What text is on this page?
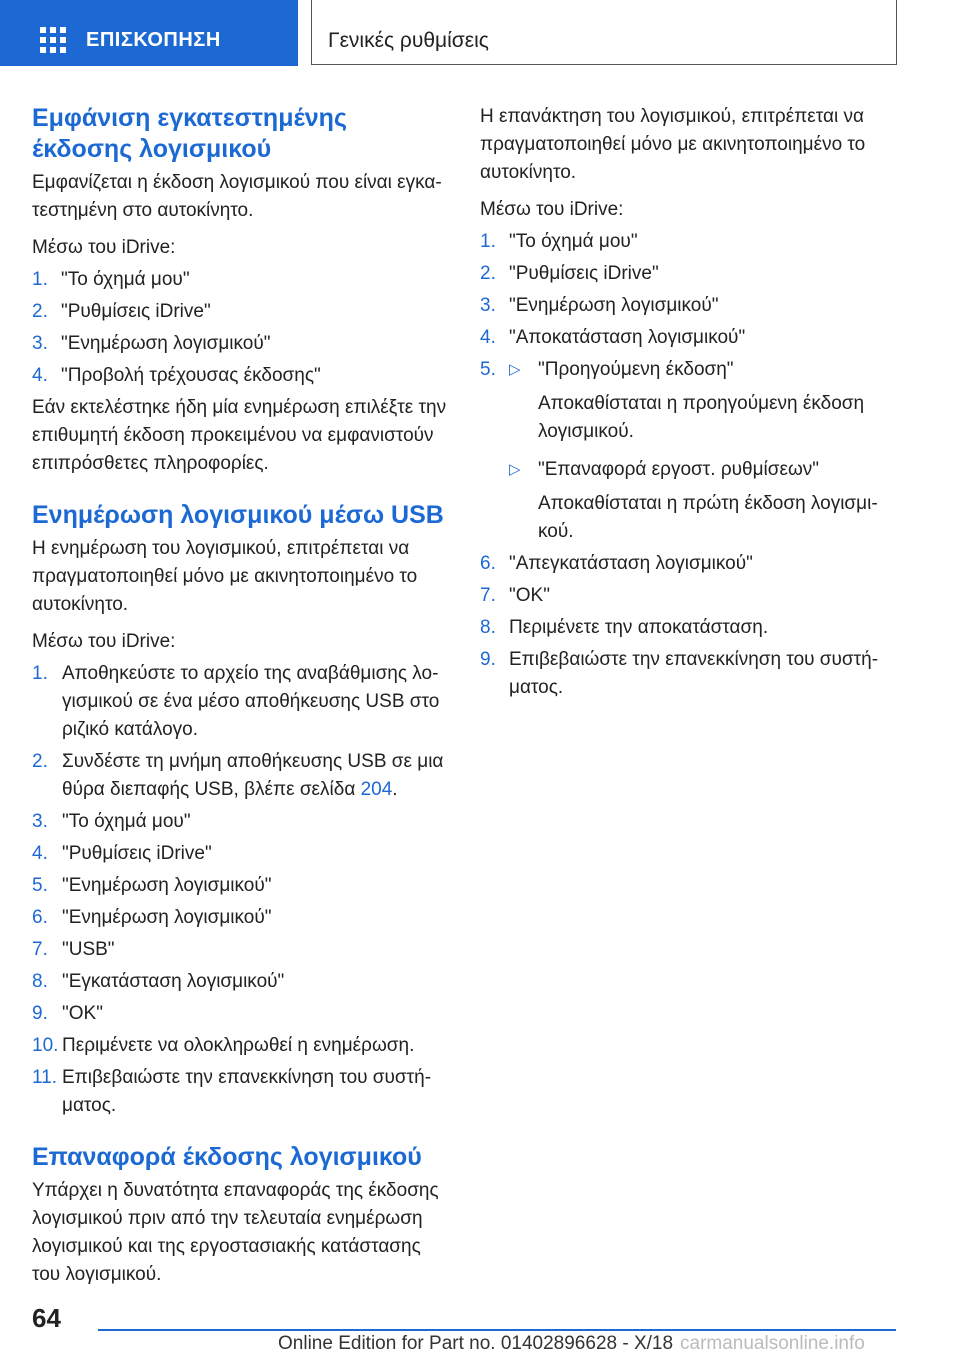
ΕΠΙΣΚΟΠΗΣΗ	Γενικές ρυθμίσεις
Εμφάνιση εγκατεστημένης έκδοσης λογισμικού

Εμφανίζεται η έκδοση λογισμικού που είναι εγκατεστημένη στο αυτοκίνητο.

Μέσω του iDrive:

1. "Το όχημά μου"
2. "Ρυθμίσεις iDrive"
3. "Ενημέρωση λογισμικού"
4. "Προβολή τρέχουσας έκδοσης"

Εάν εκτελέστηκε ήδη μία ενημέρωση επιλέξτε την επιθυμητή έκδοση προκειμένου να εμφανιστούν επιπρόσθετες πληροφορίες.

Ενημέρωση λογισμικού μέσω USB

Η ενημέρωση του λογισμικού, επιτρέπεται να πραγματοποιηθεί μόνο με ακινητοποιημένο το αυτοκίνητο.

Μέσω του iDrive:

1. Αποθηκεύστε το αρχείο της αναβάθμισης λογισμικού σε ένα μέσο αποθήκευσης USB στο ριζικό κατάλογο.
2. Συνδέστε τη μνήμη αποθήκευσης USB σε μια θύρα διεπαφής USB, βλέπε σελίδα 204.
3. "Το όχημά μου"
4. "Ρυθμίσεις iDrive"
5. "Ενημέρωση λογισμικού"
6. "Ενημέρωση λογισμικού"
7. "USB"
8. "Εγκατάσταση λογισμικού"
9. "OK"
10. Περιμένετε να ολοκληρωθεί η ενημέρωση.
11. Επιβεβαιώστε την επανεκκίνηση του συστήματος.
Επαναφορά έκδοσης λογισμικού

Υπάρχει η δυνατότητα επαναφοράς της έκδοσης λογισμικού πριν από την τελευταία ενημέρωση λογισμικού και της εργοστασιακής κατάστασης του λογισμικού.

Η επανάκτηση του λογισμικού, επιτρέπεται να πραγματοποιηθεί μόνο με ακινητοποιημένο το αυτοκίνητο.

Μέσω του iDrive:

1. "Το όχημά μου"
2. "Ρυθμίσεις iDrive"
3. "Ενημέρωση λογισμικού"
4. "Αποκατάσταση λογισμικού"
5. ▷ "Προηγούμενη έκδοση"
Αποκαθίσταται η προηγούμενη έκδοση λογισμικού.
▷ "Επαναφορά εργοστ. ρυθμίσεων"
Αποκαθίσταται η πρώτη έκδοση λογισμικού.
6. "Απεγκατάσταση λογισμικού"
7. "OK"
8. Περιμένετε την αποκατάσταση.
9. Επιβεβαιώστε την επανεκκίνηση του συστήματος.
64
Online Edition for Part no. 01402896628 - X/18 carmanualsonline.info
